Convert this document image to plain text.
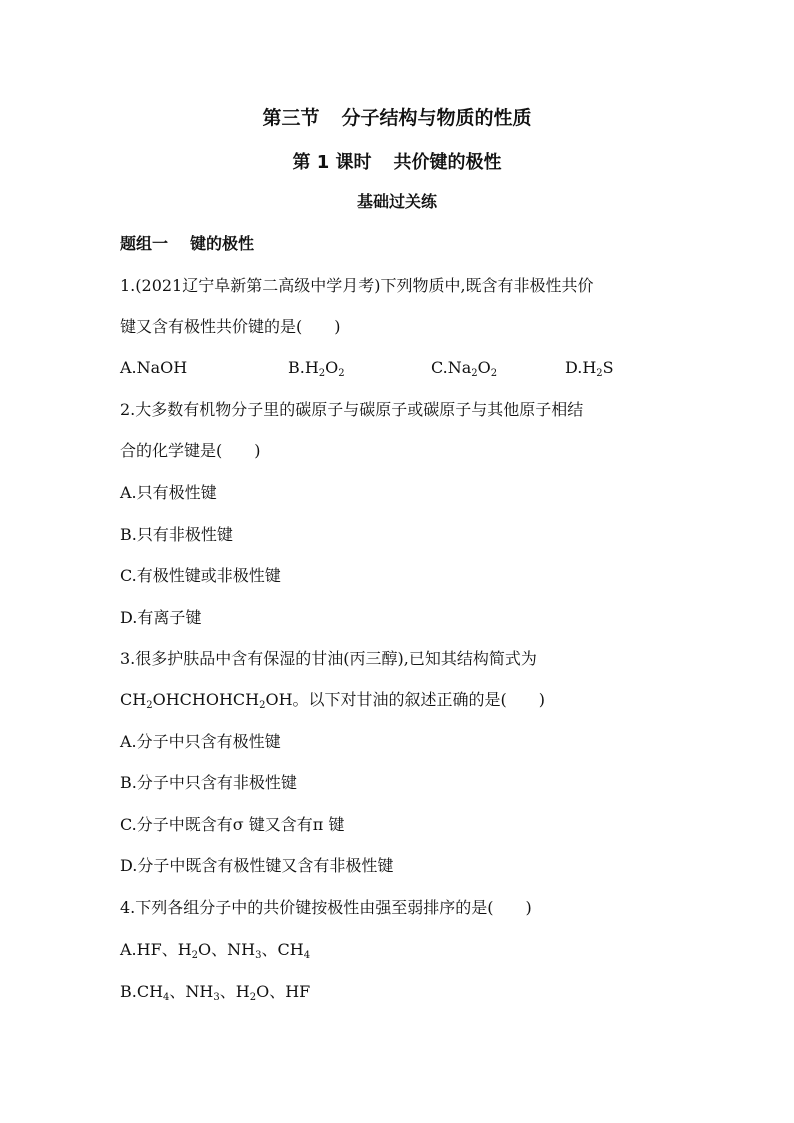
第三节 分子结构与物质的性质
第 1 课时 共价键的极性
基础过关练
题组一 键的极性
1.(2021辽宁阜新第二高级中学月考)下列物质中,既含有非极性共价
键又含有极性共价键的是(　　)
A.NaOH	$B.H_2O_2$	$C.Na_2O_2$	$D.H_2S$
2.大多数有机物分子里的碳原子与碳原子或碳原子与其他原子相结
合的化学键是(　　)
A.只有极性键
B.只有非极性键
C.有极性键或非极性键
D.有离子键
3.很多护肤品中含有保湿的甘油(丙三醇),已知其结构简式为
$CH_2OHCHOHCH_2OH$。以下对甘油的叙述正确的是(　　)
A.分子中只含有极性键
B.分子中只含有非极性键
C.分子中既含有σ 键又含有π 键
D.分子中既含有极性键又含有非极性键
4.下列各组分子中的共价键按极性由强至弱排序的是(　　)
A.HF、$H_2O$、$NH_3$、$CH_4$
$B.CH_4$、$NH_3$、$H_2O$、HF
